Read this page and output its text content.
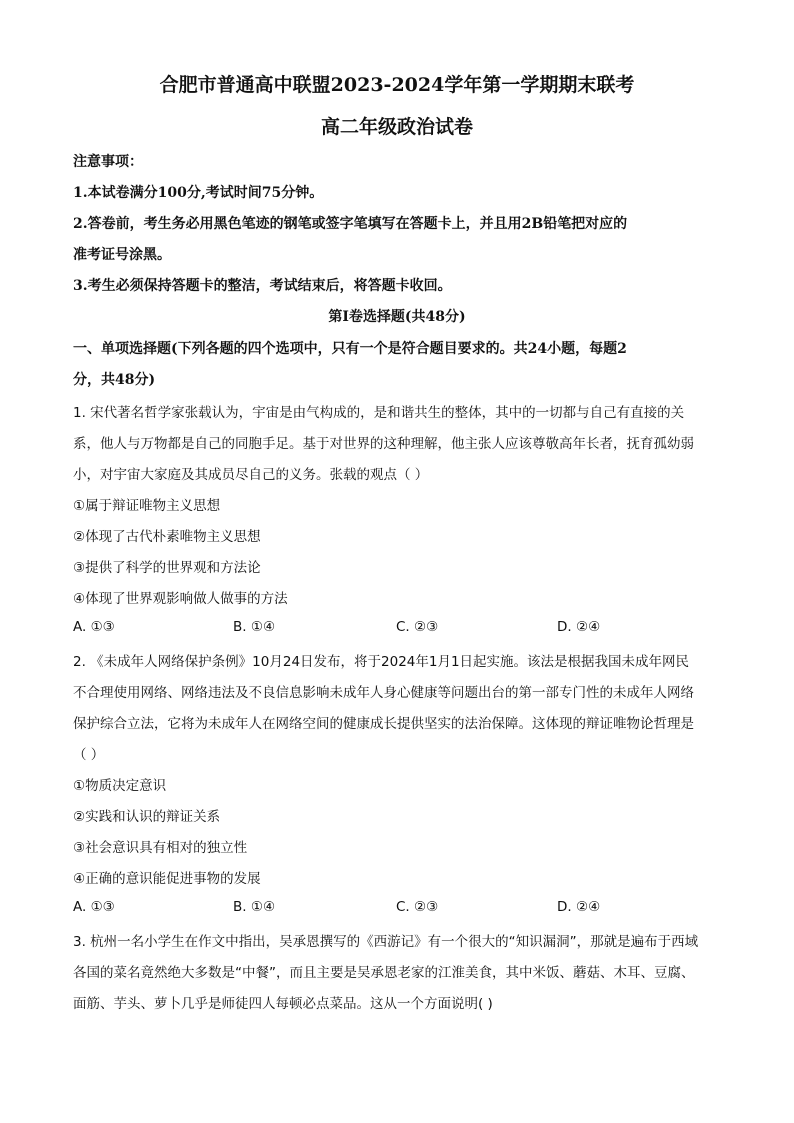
合肥市普通高中联盟2023-2024学年第一学期期末联考
高二年级政治试卷
注意事项：
1.本试卷满分100分,考试时间75分钟。
2.答卷前，考生务必用黑色笔迹的钢笔或签字笔填写在答题卡上，并且用2B铅笔把对应的
准考证号涂黑。
3.考生必须保持答题卡的整洁，考试结束后，将答题卡收回。
第Ⅰ卷选择题(共48分)
一、单项选择题(下列各题的四个选项中，只有一个是符合题目要求的。共24小题，每题2
分，共48分)
1. 宋代著名哲学家张载认为，宇宙是由气构成的，是和谐共生的整体，其中的一切都与自己有直接的关
系，他人与万物都是自己的同胞手足。基于对世界的这种理解，他主张人应该尊敬高年长者，抚育孤幼弱
小，对宇宙大家庭及其成员尽自己的义务。张载的观点（ ）
①属于辩证唯物主义思想
②体现了古代朴素唯物主义思想
③提供了科学的世界观和方法论
④体现了世界观影响做人做事的方法
A. ①③	B. ①④	C. ②③	D. ②④
2. 《未成年人网络保护条例》10月24日发布，将于2024年1月1日起实施。该法是根据我国未成年网民
不合理使用网络、网络违法及不良信息影响未成年人身心健康等问题出台的第一部专门性的未成年人网络
保护综合立法，它将为未成年人在网络空间的健康成长提供坚实的法治保障。这体现的辩证唯物论哲理是
（ ）
①物质决定意识
②实践和认识的辩证关系
③社会意识具有相对的独立性
④正确的意识能促进事物的发展
A. ①③	B. ①④	C. ②③	D. ②④
3. 杭州一名小学生在作文中指出，吴承恩撰写的《西游记》有一个很大的“知识漏洞”，那就是遍布于西域
各国的菜名竟然绝大多数是“中餐”，而且主要是吴承恩老家的江淮美食，其中米饭、蘑菇、木耳、豆腐、
面筋、芋头、萝卜几乎是师徒四人每顿必点菜品。这从一个方面说明( )
